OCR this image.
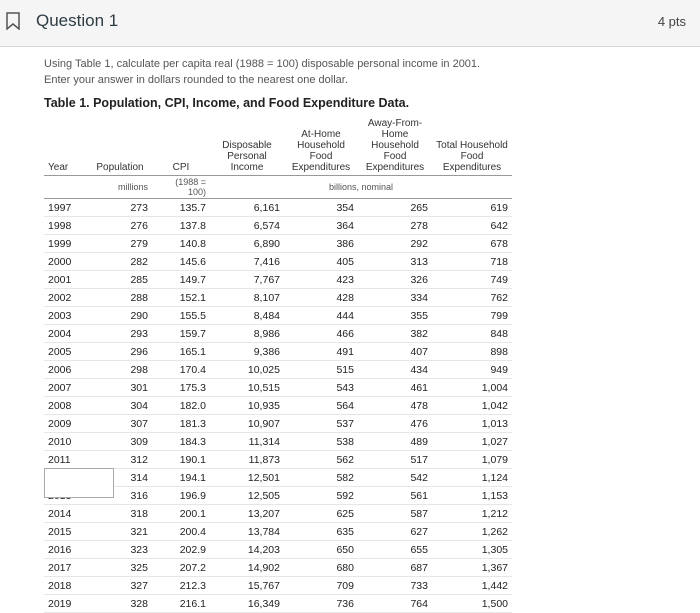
Question 1	4 pts
Using Table 1, calculate per capita real (1988 = 100) disposable personal income in 2001.
Enter your answer in dollars rounded to the nearest one dollar.
Table 1. Population, CPI, Income, and Food Expenditure Data.
Year	Population	CPI	Disposable Personal Income	At-Home Household Food Expenditures	Away-From-Home Household Food Expenditures	Total Household Food Expenditures
	millions	(1988 = 100)	billions, nominal			
1997	273	135.7	6,161	354	265	619
1998	276	137.8	6,574	364	278	642
1999	279	140.8	6,890	386	292	678
2000	282	145.6	7,416	405	313	718
2001	285	149.7	7,767	423	326	749
2002	288	152.1	8,107	428	334	762
2003	290	155.5	8,484	444	355	799
2004	293	159.7	8,986	466	382	848
2005	296	165.1	9,386	491	407	898
2006	298	170.4	10,025	515	434	949
2007	301	175.3	10,515	543	461	1,004
2008	304	182.0	10,935	564	478	1,042
2009	307	181.3	10,907	537	476	1,013
2010	309	184.3	11,314	538	489	1,027
2011	312	190.1	11,873	562	517	1,079
	314	194.1	12,501	582	542	1,124
	316	196.9	12,505	592	561	1,153
2014	318	200.1	13,207	625	587	1,212
2015	321	200.4	13,784	635	627	1,262
2016	323	202.9	14,203	650	655	1,305
2017	325	207.2	14,902	680	687	1,367
2018	327	212.3	15,767	709	733	1,442
2019	328	216.1	16,349	736	764	1,500
